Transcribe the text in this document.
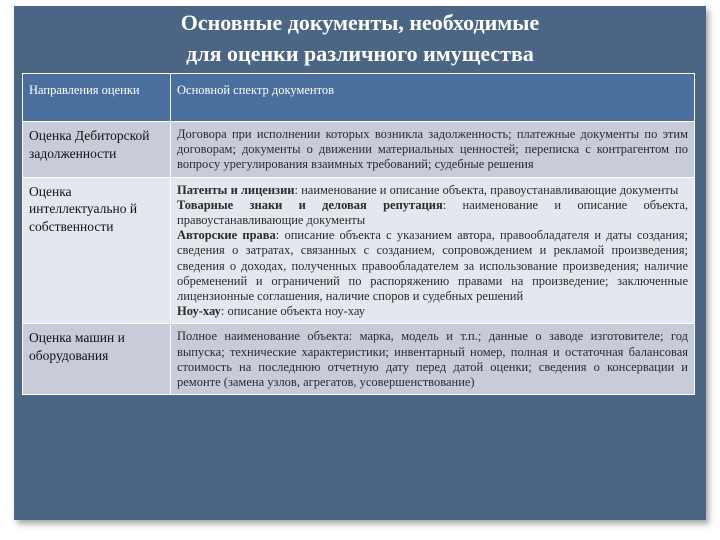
Основные документы, необходимые
для оценки различного имущества
Направления оценки	Основной спектр документов
Оценка Дебиторской задолженности	Договора при исполнении которых возникла задолженность; платежные документы по этим договорам; документы о движении материальных ценностей; переписка с контрагентом по вопросу урегулирования взаимных требований; судебные решения
Оценка интеллектуально й собственности	Патенты и лицензии: наименование и описание объекта, правоустанавливающие документы
Товарные знаки и деловая репутация: наименование и описание объекта, правоустанавливающие документы
Авторские права: описание объекта с указанием автора, правообладателя и даты создания; сведения о затратах, связанных с созданием, сопровождением и рекламой произведения; сведения о доходах, полученных правообладателем за использование произведения; наличие обременений и ограничений по распоряжению правами на произведение; заключенные лицензионные соглашения, наличие споров и судебных решений
Ноу-хау: описание объекта ноу-хау

Оценка машин и оборудования	Полное наименование объекта: марка, модель и т.п.; данные о заводе изготовителе; год выпуска; технические характеристики; инвентарный номер, полная и остаточная балансовая стоимость на последнюю отчетную дату перед датой оценки; сведения о консервации и ремонте (замена узлов, агрегатов, усовершенствование)
